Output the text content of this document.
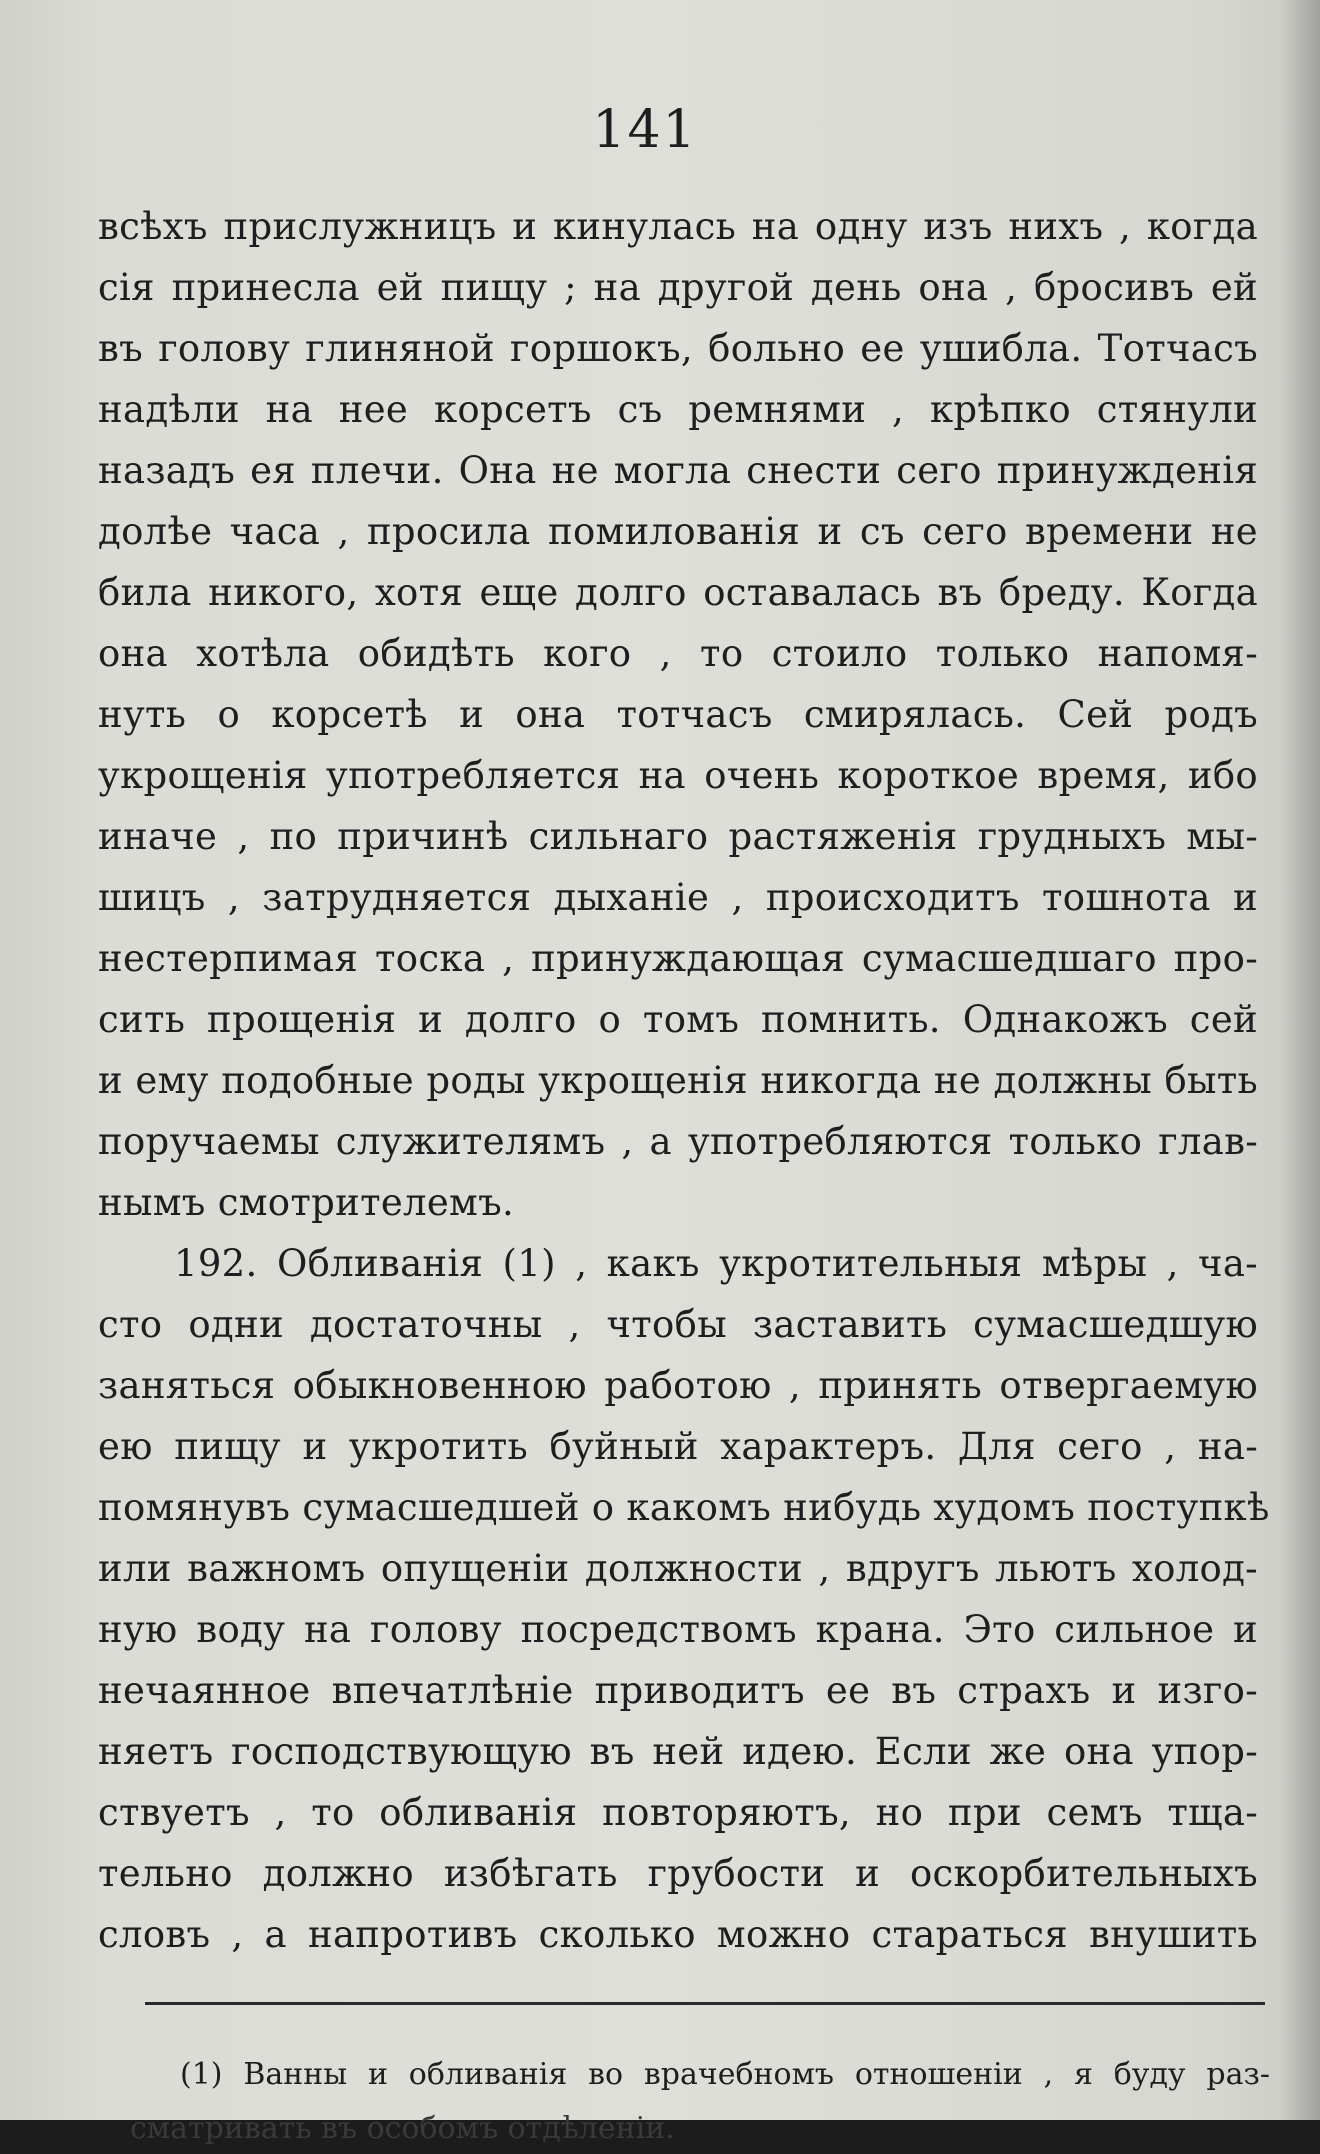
141
всѣхъ прислужницъ и кинулась на одну изъ нихъ , когда
сія принесла ей пищу ; на другой день она , бросивъ ей
въ голову глиняной горшокъ, больно ее ушибла. Тотчасъ
надѣли на нее корсетъ съ ремнями , крѣпко стянули
назадъ ея плечи. Она не могла снести сего принужденія
долѣе часа , просила помилованія и съ сего времени не
била никого, хотя еще долго оставалась въ бреду. Когда
она хотѣла обидѣть кого , то стоило только напомя-
нуть о корсетѣ и она тотчасъ смирялась. Сей родъ
укрощенія употребляется на очень короткое время, ибо
иначе , по причинѣ сильнаго растяженія грудныхъ мы-
шицъ , затрудняется дыханіе , происходитъ тошнота и
нестерпимая тоска , принуждающая сумасшедшаго про-
сить прощенія и долго о томъ помнить. Однакожъ сей
и ему подобные роды укрощенія никогда не должны быть
поручаемы служителямъ , а употребляются только глав-
нымъ смотрителемъ.
192. Обливанія (1) , какъ укротительныя мѣры , ча-
сто одни достаточны , чтобы заставить сумасшедшую
заняться обыкновенною работою , принять отвергаемую
ею пищу и укротить буйный характеръ. Для сего , на-
помянувъ сумасшедшей о какомъ нибудь худомъ поступкѣ
или важномъ опущеніи должности , вдругъ льютъ холод-
ную воду на голову посредствомъ крана. Это сильное и
нечаянное впечатлѣніе приводитъ ее въ страхъ и изго-
няетъ господствующую въ ней идею. Если же она упор-
ствуетъ , то обливанія повторяютъ, но при семъ тща-
тельно должно избѣгать грубости и оскорбительныхъ
словъ , а напротивъ сколько можно стараться внушить
(1) Ванны и обливанія во врачебномъ отношеніи , я буду раз-
сматривать въ особомъ отдѣленіи.
